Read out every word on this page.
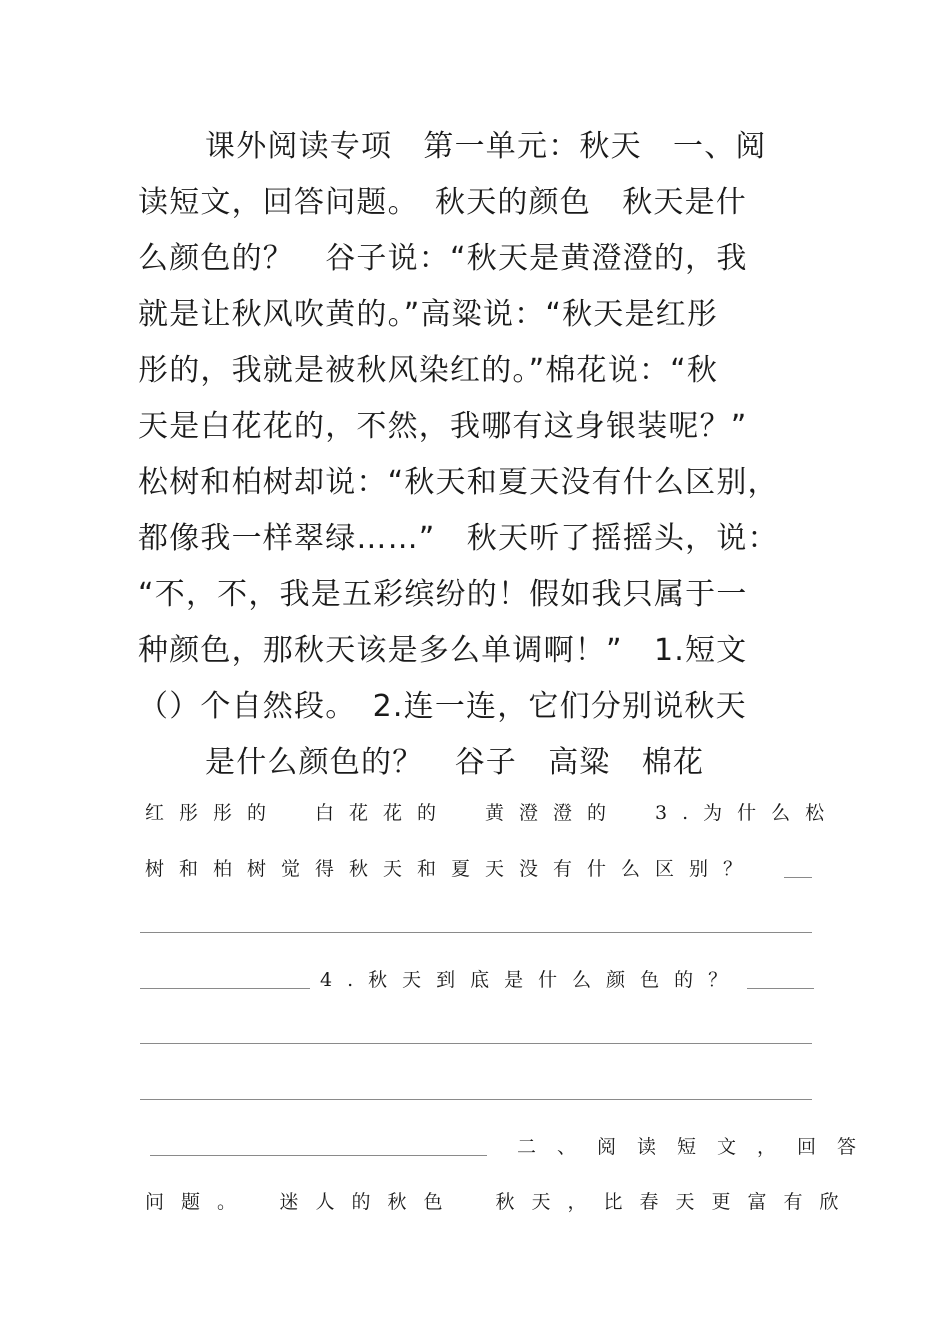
课外阅读专项　第一单元：秋天　一、阅
读短文，回答问题。　秋天的颜色　秋天是什
么颜色的？　谷子说：“秋天是黄澄澄的，我
就是让秋风吹黄的。”高粱说：“秋天是红彤
彤的，我就是被秋风染红的。”棉花说：“秋
天是白花花的，不然，我哪有这身银装呢？”
松树和柏树却说：“秋天和夏天没有什么区别，
都像我一样翠绿……”　秋天听了摇摇头，说：
“不，不，我是五彩缤纷的！假如我只属于一
种颜色，那秋天该是多么单调啊！”　1.短文
（）个自然段。　2.连一连，它们分别说秋天
是什么颜色的？　谷子　高粱　棉花
红彤彤的　白花花的　黄澄澄的　3.为什么松
树和柏树觉得秋天和夏天没有什么区别？
4.秋天到底是什么颜色的？
二、阅读短文，回答
问题。　迷人的秋色　秋天，比春天更富有欣
